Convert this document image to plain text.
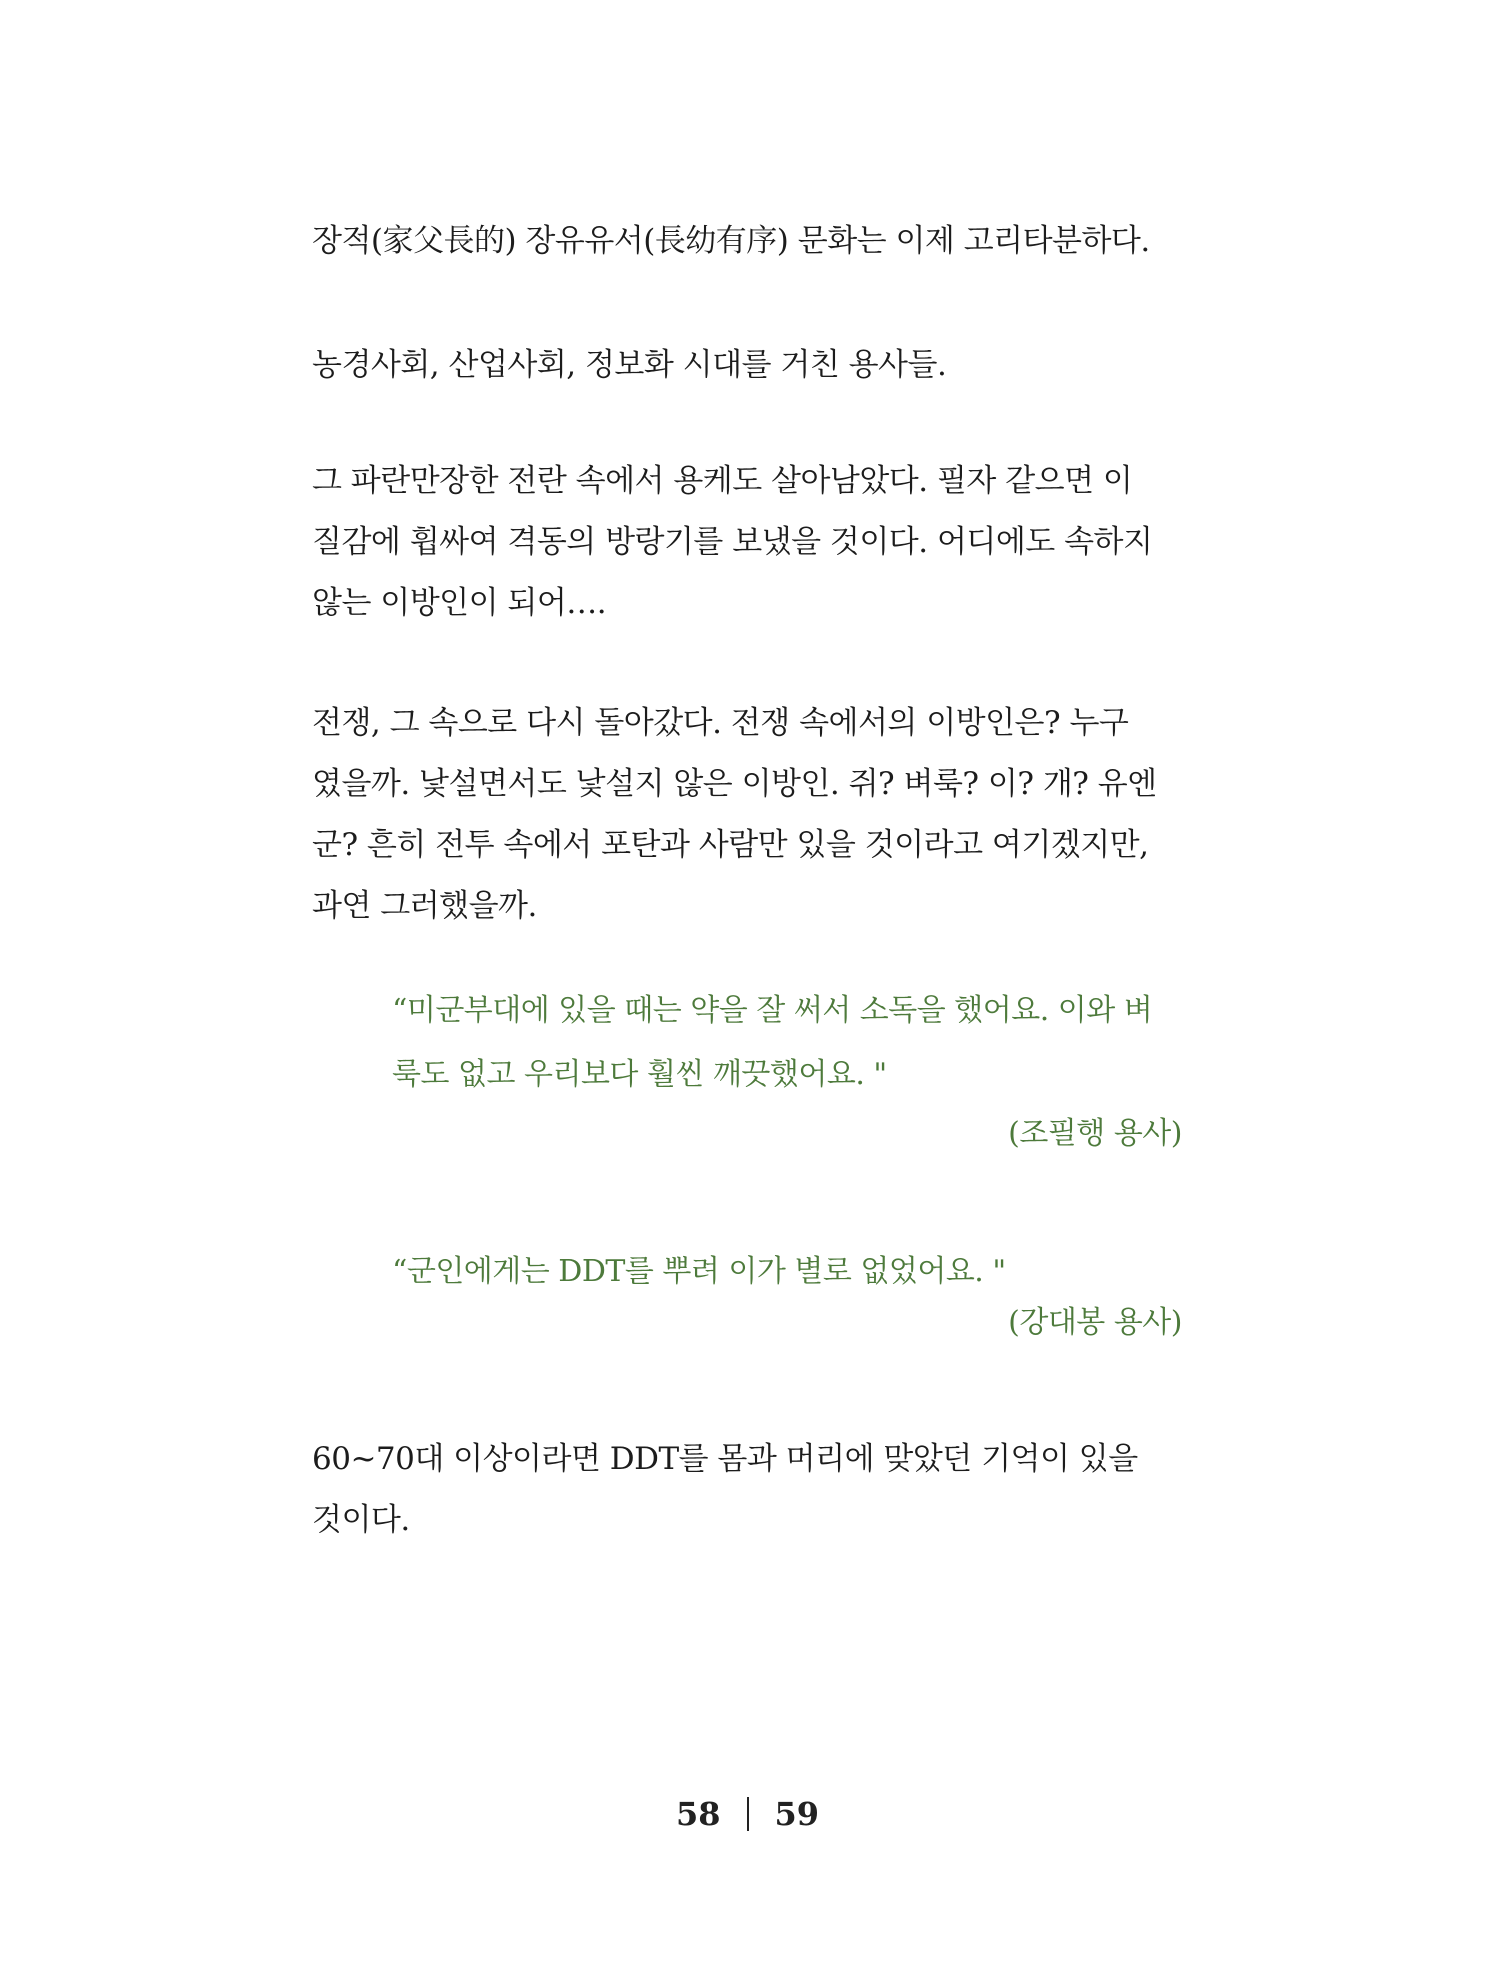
장적(家父長的) 장유유서(長幼有序) 문화는 이제 고리타분하다.

농경사회, 산업사회, 정보화 시대를 거친 용사들.

그 파란만장한 전란 속에서 용케도 살아남았다. 필자 같으면 이
질감에 휩싸여 격동의 방랑기를 보냈을 것이다. 어디에도 속하지
않는 이방인이 되어….

전쟁, 그 속으로 다시 돌아갔다. 전쟁 속에서의 이방인은? 누구
였을까. 낯설면서도 낯설지 않은 이방인. 쥐? 벼룩? 이? 개? 유엔
군? 흔히 전투 속에서 포탄과 사람만 있을 것이라고 여기겠지만,
과연 그러했을까.

“미군부대에 있을 때는 약을 잘 써서 소독을 했어요. 이와 벼
룩도 없고 우리보다 훨씬 깨끗했어요. "

(조필행 용사)

“군인에게는 DDT를 뿌려 이가 별로 없었어요. "

(강대봉 용사)

60~70대 이상이라면 DDT를 몸과 머리에 맞았던 기억이 있을
것이다.

58 59
